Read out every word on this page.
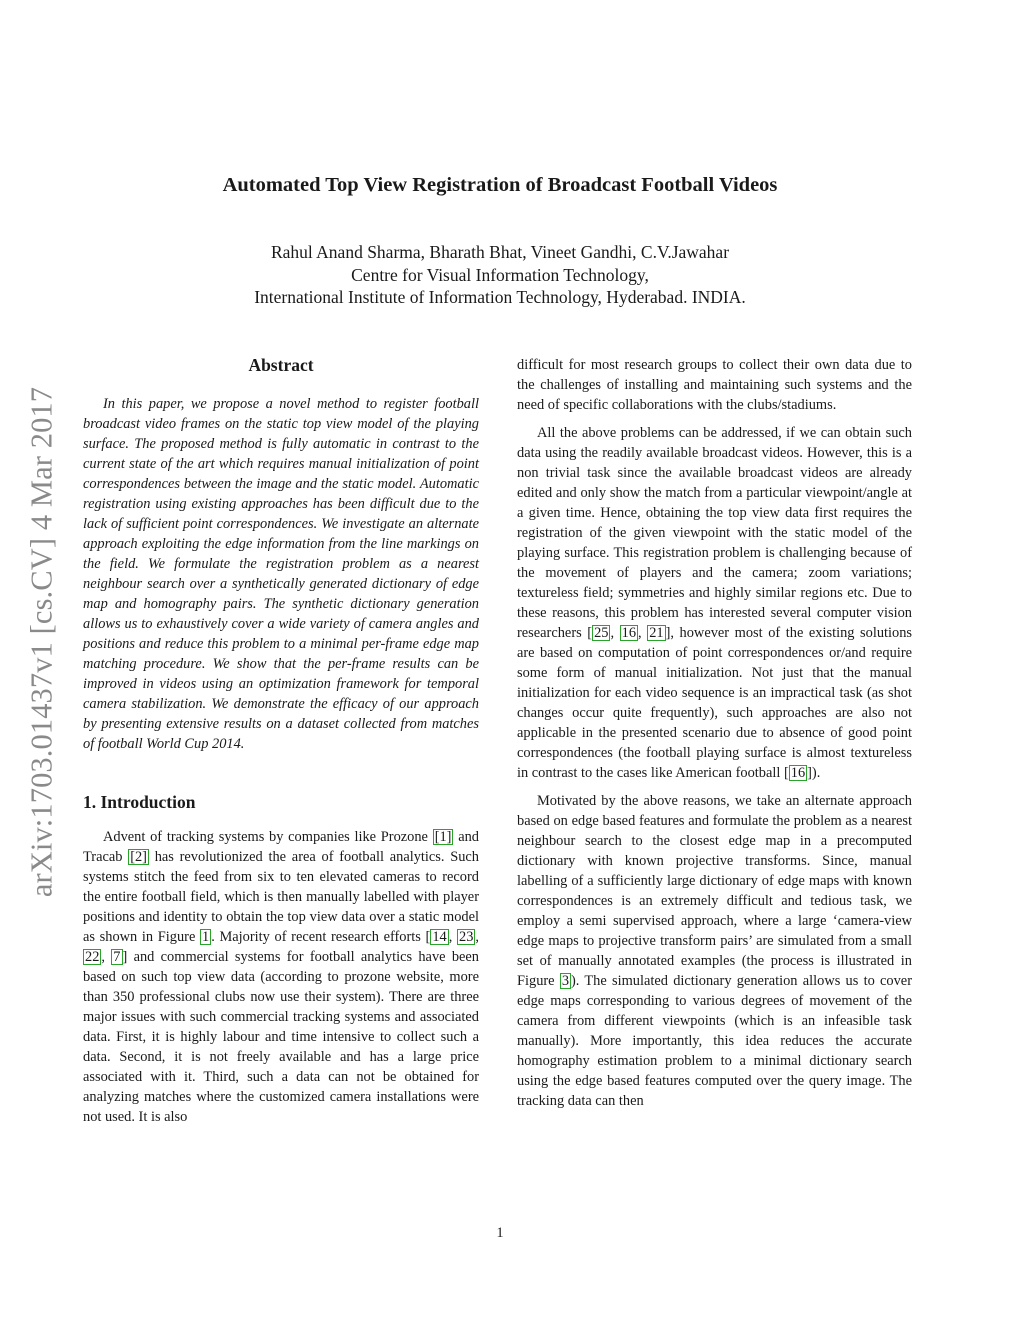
Automated Top View Registration of Broadcast Football Videos
Rahul Anand Sharma, Bharath Bhat, Vineet Gandhi, C.V.Jawahar
Centre for Visual Information Technology,
International Institute of Information Technology, Hyderabad. INDIA.
arXiv:1703.01437v1 [cs.CV] 4 Mar 2017
Abstract

In this paper, we propose a novel method to register football broadcast video frames on the static top view model of the playing surface. The proposed method is fully automatic in contrast to the current state of the art which requires manual initialization of point correspondences between the image and the static model. Automatic registration using existing approaches has been difficult due to the lack of sufficient point correspondences. We investigate an alternate approach exploiting the edge information from the line markings on the field. We formulate the registration problem as a nearest neighbour search over a synthetically generated dictionary of edge map and homography pairs. The synthetic dictionary generation allows us to exhaustively cover a wide variety of camera angles and positions and reduce this problem to a minimal per-frame edge map matching procedure. We show that the per-frame results can be improved in videos using an optimization framework for temporal camera stabilization. We demonstrate the efficacy of our approach by presenting extensive results on a dataset collected from matches of football World Cup 2014.

1. Introduction

Advent of tracking systems by companies like Prozone [1] and Tracab [2] has revolutionized the area of football analytics. Such systems stitch the feed from six to ten elevated cameras to record the entire football field, which is then manually labelled with player positions and identity to obtain the top view data over a static model as shown in Figure 1 . Majority of recent research efforts [ 14 , 23 , 22 , 7 ] and commercial systems for football analytics have been based on such top view data (according to prozone website, more than 350 professional clubs now use their system). There are three major issues with such commercial tracking systems and associated data. First, it is highly labour and time intensive to collect such a data. Second, it is not freely available and has a large price associated with it. Third, such a data can not be obtained for analyzing matches where the customized camera installations were not used. It is also

difficult for most research groups to collect their own data due to the challenges of installing and maintaining such systems and the need of specific collaborations with the clubs/stadiums.

All the above problems can be addressed, if we can obtain such data using the readily available broadcast videos. However, this is a non trivial task since the available broadcast videos are already edited and only show the match from a particular viewpoint/angle at a given time. Hence, obtaining the top view data first requires the registration of the given viewpoint with the static model of the playing surface. This registration problem is challenging because of the movement of players and the camera; zoom variations; textureless field; symmetries and highly similar regions etc. Due to these reasons, this problem has interested several computer vision researchers [ 25 , 16 , 21 ], however most of the existing solutions are based on computation of point correspondences or/and require some form of manual initialization. Not just that the manual initialization for each video sequence is an impractical task (as shot changes occur quite frequently), such approaches are also not applicable in the presented scenario due to absence of good point correspondences (the football playing surface is almost textureless in contrast to the cases like American football [ 16 ]).

Motivated by the above reasons, we take an alternate approach based on edge based features and formulate the problem as a nearest neighbour search to the closest edge map in a precomputed dictionary with known projective transforms. Since, manual labelling of a sufficiently large dictionary of edge maps with known correspondences is an extremely difficult and tedious task, we employ a semi supervised approach, where a large ‘camera-view edge maps to projective transform pairs’ are simulated from a small set of manually annotated examples (the process is illustrated in Figure 3 ). The simulated dictionary generation allows us to cover edge maps corresponding to various degrees of movement of the camera from different viewpoints (which is an infeasible task manually). More importantly, this idea reduces the accurate homography estimation problem to a minimal dictionary search using the edge based features computed over the query image. The tracking data can then

1
